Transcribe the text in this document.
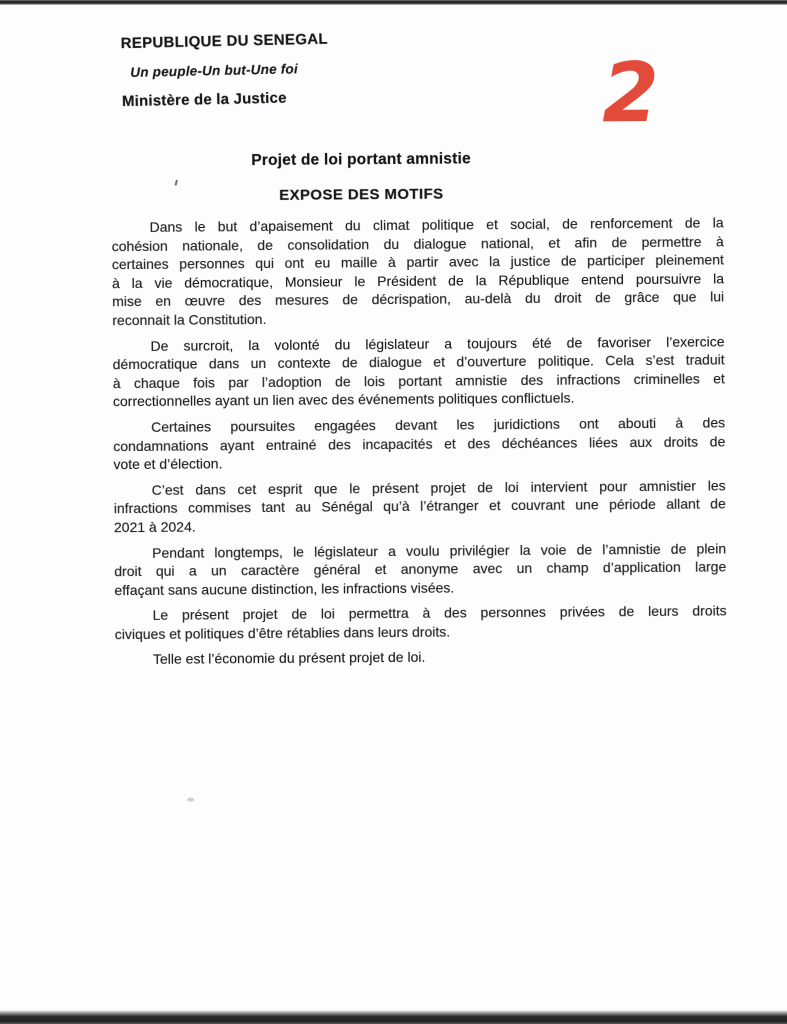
REPUBLIQUE DU SENEGAL
Un peuple-Un but-Une foi
Ministère de la Justice	2
Projet de loi portant amnistie
EXPOSE DES MOTIFS
Dans le but d’apaisement du climat politique et social, de renforcement de la
cohésion nationale, de consolidation du dialogue national, et afin de permettre à
certaines personnes qui ont eu maille à partir avec la justice de participer pleinement
à la vie démocratique, Monsieur le Président de la République entend poursuivre la
mise en œuvre des mesures de décrispation, au-delà du droit de grâce que lui
reconnait la Constitution.
De surcroit, la volonté du législateur a toujours été de favoriser l’exercice
démocratique dans un contexte de dialogue et d’ouverture politique. Cela s’est traduit
à chaque fois par l’adoption de lois portant amnistie des infractions criminelles et
correctionnelles ayant un lien avec des événements politiques conflictuels.
Certaines poursuites engagées devant les juridictions ont abouti à des
condamnations ayant entrainé des incapacités et des déchéances liées aux droits de
vote et d’élection.
C’est dans cet esprit que le présent projet de loi intervient pour amnistier les
infractions commises tant au Sénégal qu’à l’étranger et couvrant une période allant de
2021 à 2024.
Pendant longtemps, le législateur a voulu privilégier la voie de l’amnistie de plein
droit qui a un caractère général et anonyme avec un champ d’application large
effaçant sans aucune distinction, les infractions visées.
Le présent projet de loi permettra à des personnes privées de leurs droits
civiques et politiques d’être rétablies dans leurs droits.
Telle est l’économie du présent projet de loi.
